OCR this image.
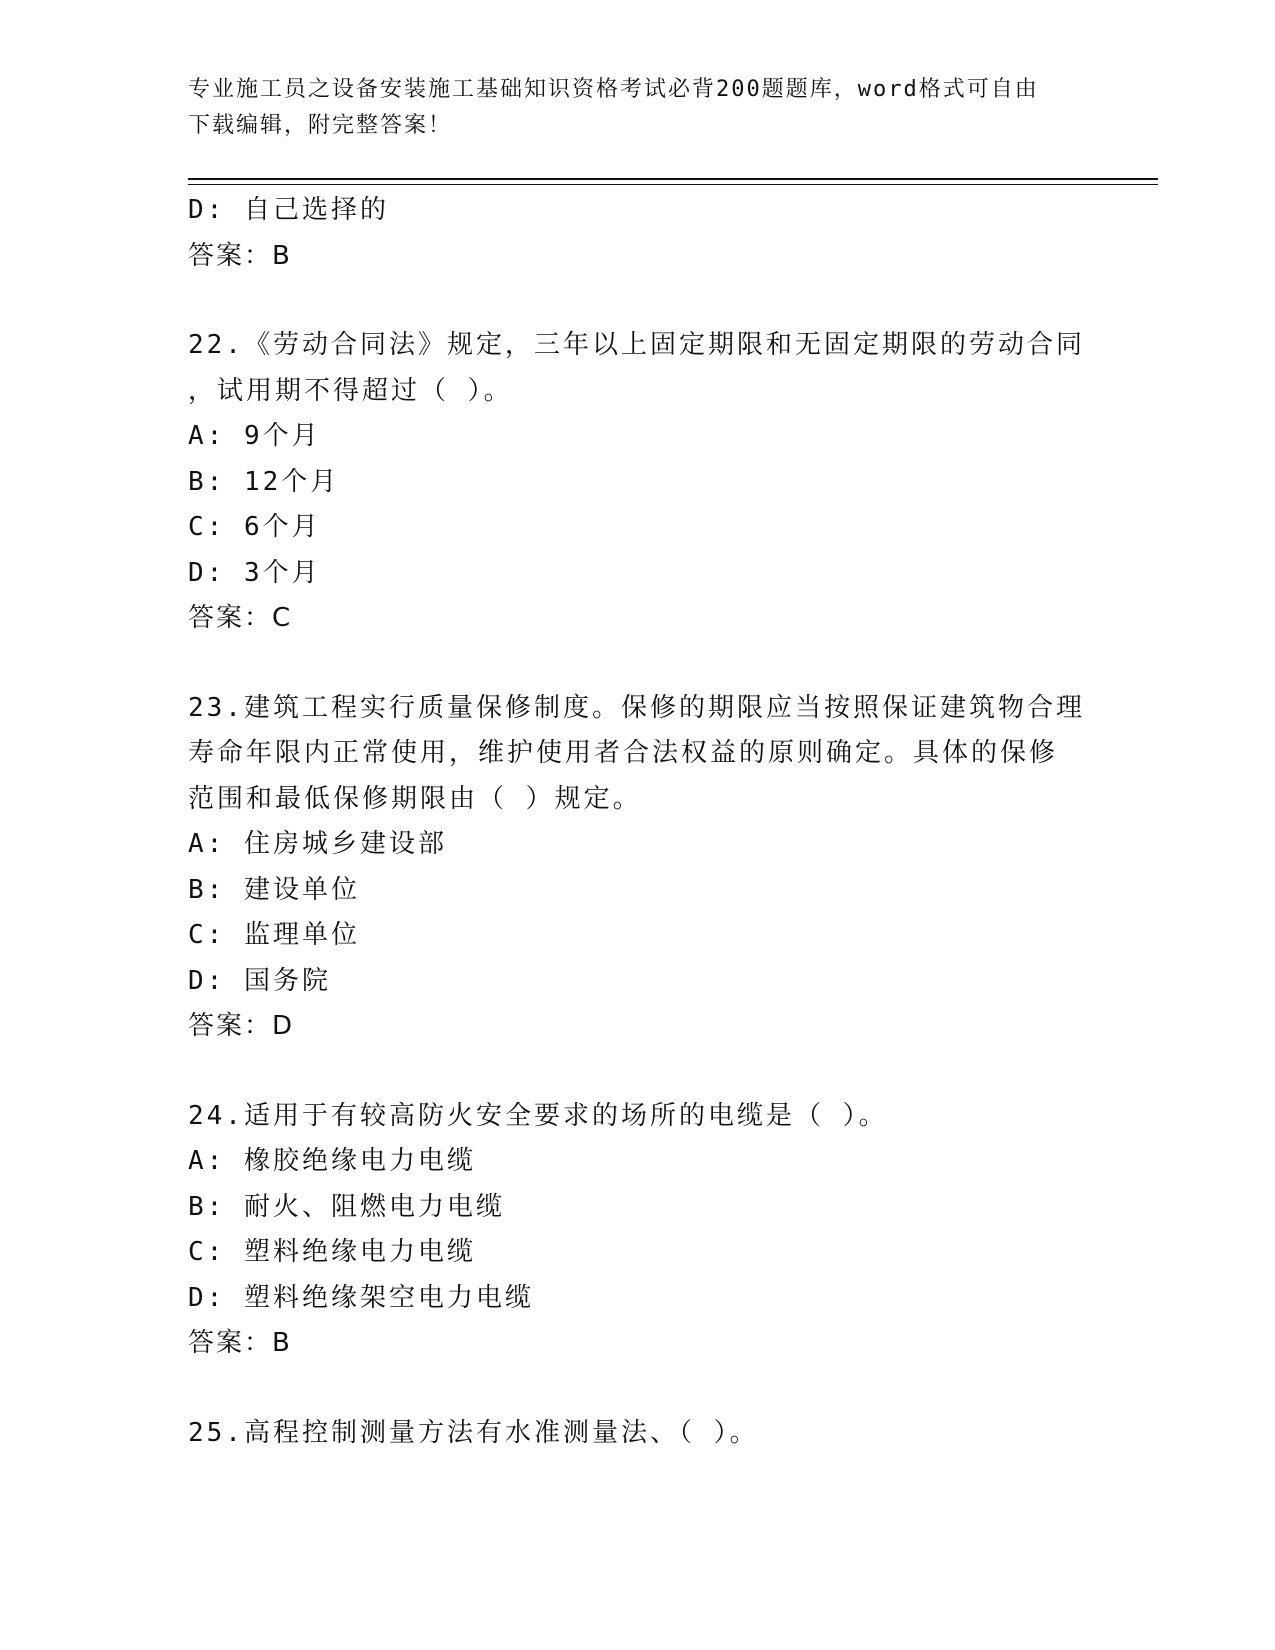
专业施工员之设备安装施工基础知识资格考试必背200题题库，word格式可自由
下载编辑，附完整答案！
D: 自己选择的
答案：B
22.《劳动合同法》规定，三年以上固定期限和无固定期限的劳动合同
，试用期不得超过（ ）。
A: 9个月
B: 12个月
C: 6个月
D: 3个月
答案：C
23.建筑工程实行质量保修制度。保修的期限应当按照保证建筑物合理
寿命年限内正常使用，维护使用者合法权益的原则确定。具体的保修
范围和最低保修期限由（ ）规定。
A: 住房城乡建设部
B: 建设单位
C: 监理单位
D: 国务院
答案：D
24.适用于有较高防火安全要求的场所的电缆是（ ）。
A: 橡胶绝缘电力电缆
B: 耐火、阻燃电力电缆
C: 塑料绝缘电力电缆
D: 塑料绝缘架空电力电缆
答案：B
25.高程控制测量方法有水准测量法、（ ）。
